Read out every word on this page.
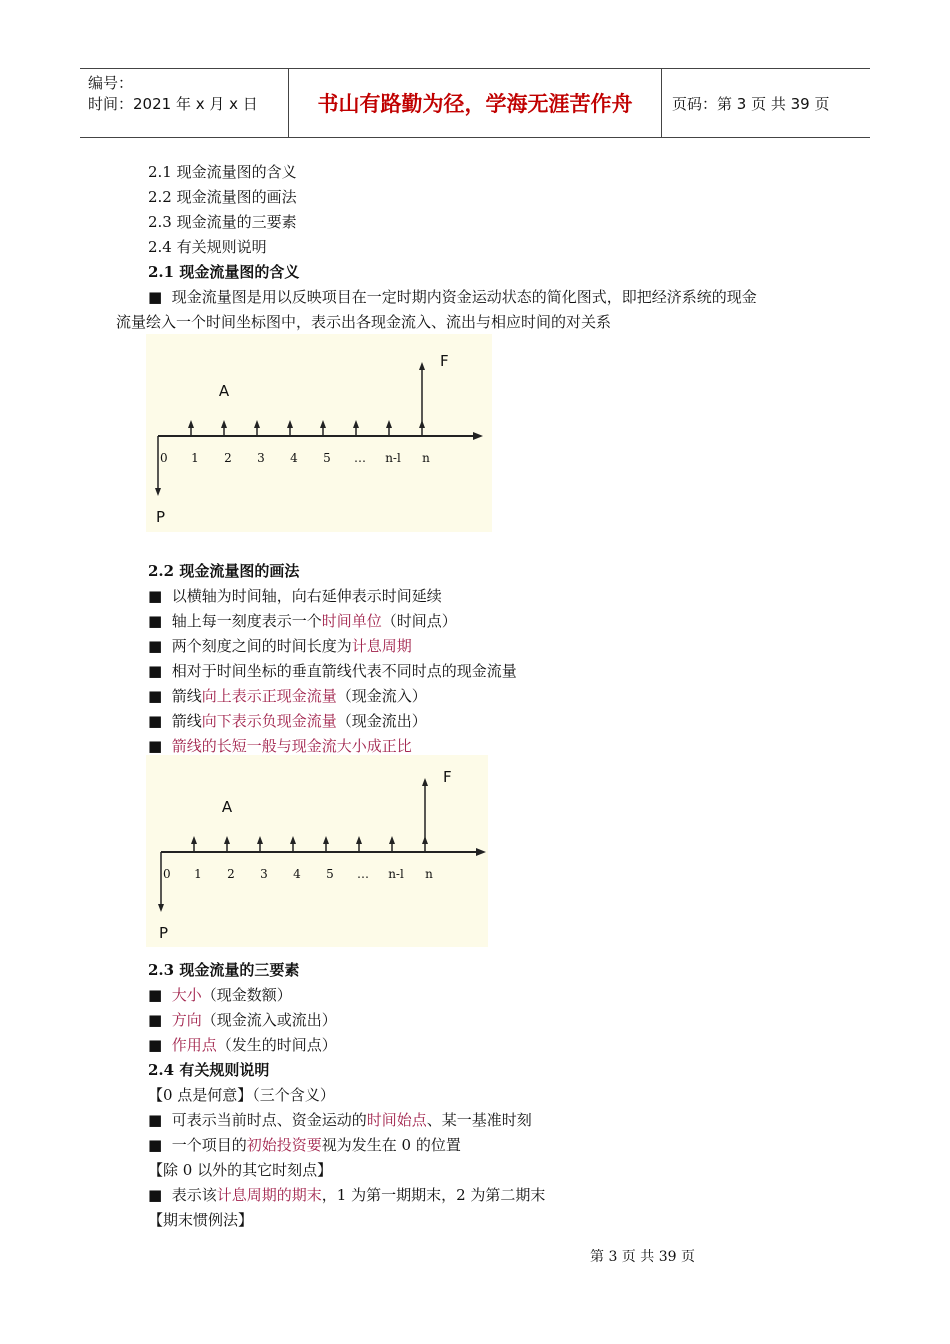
编号：
时间：2021 年 x 月 x 日	书山有路勤为径，学海无涯苦作舟	页码：第 3 页 共 39 页
2.1 现金流量图的含义
2.2 现金流量图的画法
2.3 现金流量的三要素
2.4 有关规则说明
2.1 现金流量图的含义
■ 现金流量图是用以反映项目在一定时期内资金运动状态的简化图式，即把经济系统的现金
流量绘入一个时间坐标图中，表示出各现金流入、流出与相应时间的对关系
0 1 2 3 4 5 … n-l n
A
F
P
2.2 现金流量图的画法
■ 以横轴为时间轴，向右延伸表示时间延续
■ 轴上每一刻度表示一个时间单位（时间点）
■ 两个刻度之间的时间长度为计息周期
■ 相对于时间坐标的垂直箭线代表不同时点的现金流量
■ 箭线向上表示正现金流量（现金流入）
■ 箭线向下表示负现金流量（现金流出）
■ 箭线的长短一般与现金流大小成正比
0 1 2 3 4 5 … n-l n
A
F
P
2.3 现金流量的三要素
■ 大小（现金数额）
■ 方向（现金流入或流出）
■ 作用点（发生的时间点）
2.4 有关规则说明
【0 点是何意】（三个含义）
■ 可表示当前时点、资金运动的时间始点、某一基准时刻
■ 一个项目的初始投资要视为发生在 0 的位置
【除 0 以外的其它时刻点】
■ 表示该计息周期的期末，1 为第一期期末，2 为第二期末
【期末惯例法】
第 3 页 共 39 页
